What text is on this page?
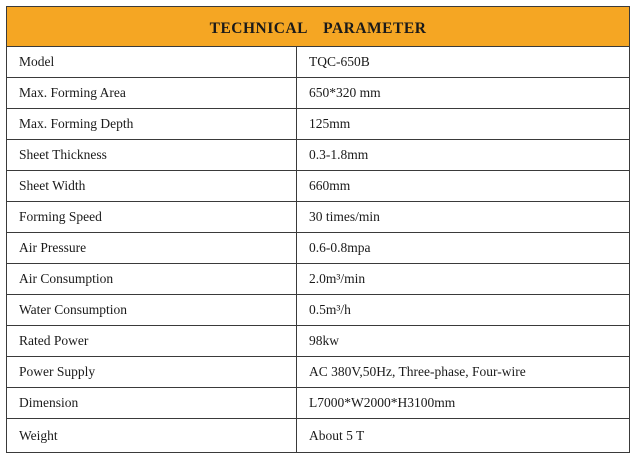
TECHNICAL　PARAMETER	
Model	TQC-650B
Max. Forming Area	650*320 mm
Max. Forming Depth	125mm
Sheet Thickness	0.3-1.8mm
Sheet Width	660mm
Forming Speed	30 times/min
Air Pressure	0.6-0.8mpa
Air Consumption	2.0m³/min
Water Consumption	0.5m³/h
Rated Power	98kw
Power Supply	AC 380V,50Hz, Three-phase, Four-wire
Dimension	L7000*W2000*H3100mm
Weight	About 5 T
